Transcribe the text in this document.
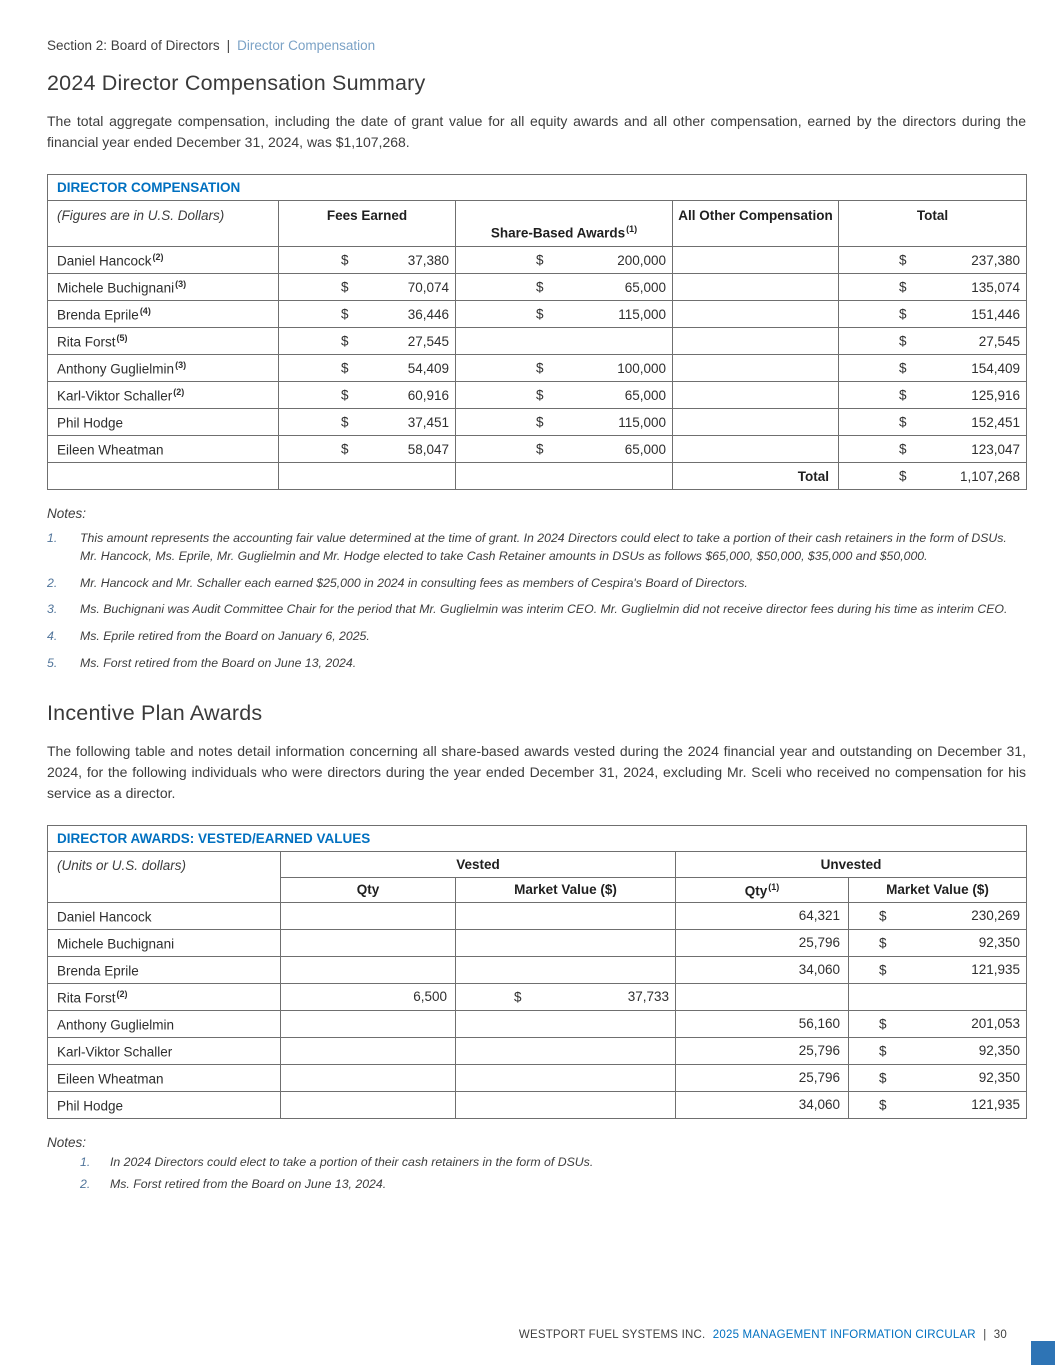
Section 2: Board of Directors | Director Compensation
2024 Director Compensation Summary

The total aggregate compensation, including the date of grant value for all equity awards and all other compensation, earned by the directors during the financial year ended December 31, 2024, was $1,107,268.

DIRECTOR COMPENSATION				
(Figures are in U.S. Dollars)	Fees Earned	Share-Based Awards$^{(1)}$	All Other Compensation	Total
Daniel Hancock$^{(2)}$	$ 37,380	$ 200,000		$ 237,380
Michele Buchignani$^{(3)}$	$ 70,074	$ 65,000		$ 135,074
Brenda Eprile$^{(4)}$	$ 36,446	$ 115,000		$ 151,446
Rita Forst$^{(5)}$	$ 27,545			$ 27,545
Anthony Guglielmin$^{(3)}$	$ 54,409	$ 100,000		$ 154,409
Karl-Viktor Schaller$^{(2)}$	$ 60,916	$ 65,000		$ 125,916
Phil Hodge	$ 37,451	$ 115,000		$ 152,451
Eileen Wheatman	$ 58,047	$ 65,000		$ 123,047
			Total	$ 1,107,268

Notes:

1.	This amount represents the accounting fair value determined at the time of grant. In 2024 Directors could elect to take a portion of their cash retainers in the form of DSUs. Mr. Hancock, Ms. Eprile, Mr. Guglielmin and Mr. Hodge elected to take Cash Retainer amounts in DSUs as follows $65,000, $50,000, $35,000 and $50,000.
2.	Mr. Hancock and Mr. Schaller each earned $25,000 in 2024 in consulting fees as members of Cespira's Board of Directors.
3.	Ms. Buchignani was Audit Committee Chair for the period that Mr. Guglielmin was interim CEO. Mr. Guglielmin did not receive director fees during his time as interim CEO.
4.	Ms. Eprile retired from the Board on January 6, 2025.
5.	Ms. Forst retired from the Board on June 13, 2024.
Incentive Plan Awards

The following table and notes detail information concerning all share-based awards vested during the 2024 financial year and outstanding on December 31, 2024, for the following individuals who were directors during the year ended December 31, 2024, excluding Mr. Sceli who received no compensation for his service as a director.

DIRECTOR AWARDS: VESTED/EARNED VALUES				
(Units or U.S. dollars)	Vested		Unvested	
	Qty	Market Value ($)	Qty$^{(1)}$	Market Value ($)
Daniel Hancock			64,321	$ 230,269
Michele Buchignani			25,796	$ 92,350
Brenda Eprile			34,060	$ 121,935
Rita Forst$^{(2)}$	6,500	$ 37,733		
Anthony Guglielmin			56,160	$ 201,053
Karl-Viktor Schaller			25,796	$ 92,350
Eileen Wheatman			25,796	$ 92,350
Phil Hodge			34,060	$ 121,935

Notes:

1.	In 2024 Directors could elect to take a portion of their cash retainers in the form of DSUs.
2.	Ms. Forst retired from the Board on June 13, 2024.
WESTPORT FUEL SYSTEMS INC. 2025 MANAGEMENT INFORMATION CIRCULAR | 30
